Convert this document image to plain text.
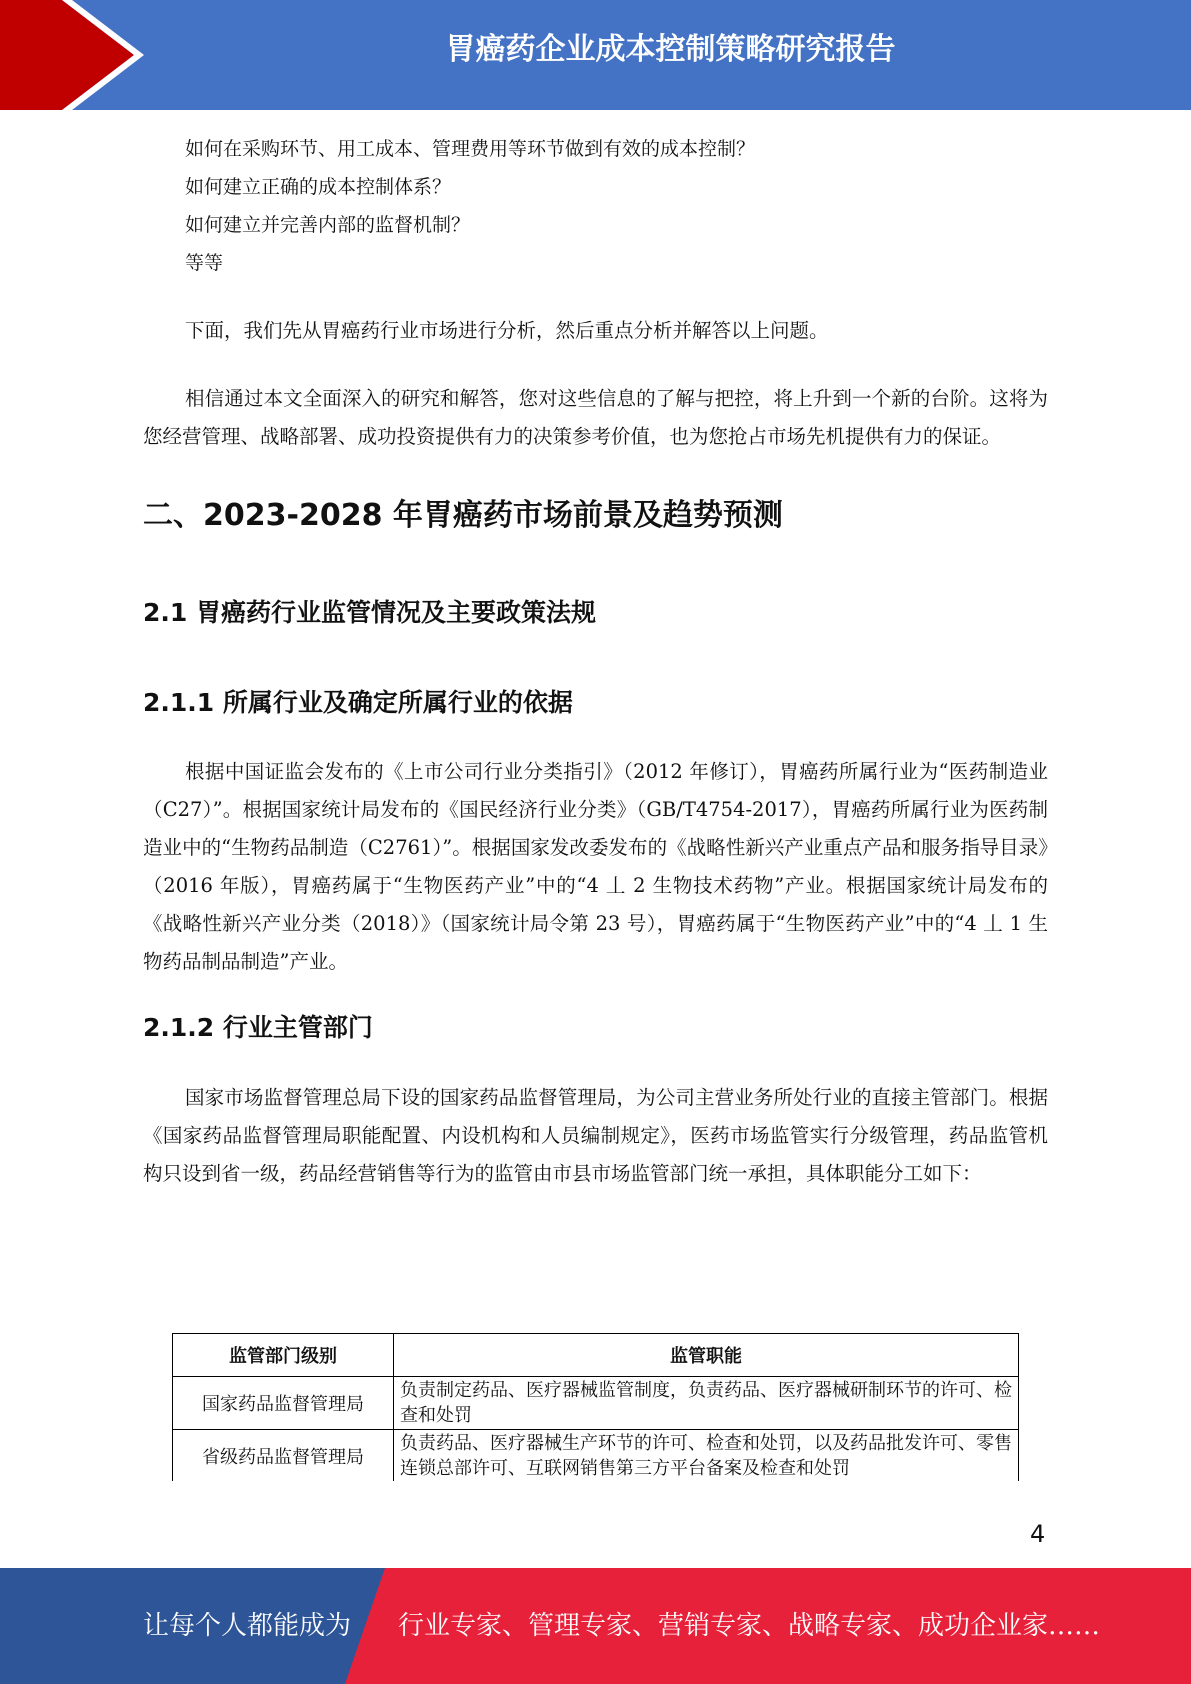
胃癌药企业成本控制策略研究报告
如何在采购环节、用工成本、管理费用等环节做到有效的成本控制？
如何建立正确的成本控制体系？
如何建立并完善内部的监督机制？
等等

下面，我们先从胃癌药行业市场进行分析，然后重点分析并解答以上问题。

相信通过本文全面深入的研究和解答，您对这些信息的了解与把控，将上升到一个新的台阶。这将为您经营管理、战略部署、成功投资提供有力的决策参考价值，也为您抢占市场先机提供有力的保证。

二、2023-2028 年胃癌药市场前景及趋势预测
2.1 胃癌药行业监管情况及主要政策法规
2.1.1 所属行业及确定所属行业的依据

根据中国证监会发布的《上市公司行业分类指引》（2012 年修订），胃癌药所属行业为“医药制造业（C27）”。根据国家统计局发布的《国民经济行业分类》（GB/T4754-2017），胃癌药所属行业为医药制造业中的“生物药品制造（C2761）”。根据国家发改委发布的《战略性新兴产业重点产品和服务指导目录》（2016 年版），胃癌药属于“生物医药产业”中的“4 丄 2 生物技术药物”产业。根据国家统计局发布的《战略性新兴产业分类（2018）》（国家统计局令第 23 号），胃癌药属于“生物医药产业”中的“4 丄 1 生物药品制品制造”产业。

2.1.2 行业主管部门

国家市场监督管理总局下设的国家药品监督管理局，为公司主营业务所处行业的直接主管部门。根据《国家药品监督管理局职能配置、内设机构和人员编制规定》，医药市场监管实行分级管理，药品监管机构只设到省一级，药品经营销售等行为的监管由市县市场监管部门统一承担，具体职能分工如下：

监管部门级别	监管职能
国家药品监督管理局	负责制定药品、医疗器械监管制度，负责药品、医疗器械研制环节的许可、检查和处罚
省级药品监督管理局	负责药品、医疗器械生产环节的许可、检查和处罚，以及药品批发许可、零售连锁总部许可、互联网销售第三方平台备案及检查和处罚
4
让每个人都能成为 行业专家、管理专家、营销专家、战略专家、成功企业家……
